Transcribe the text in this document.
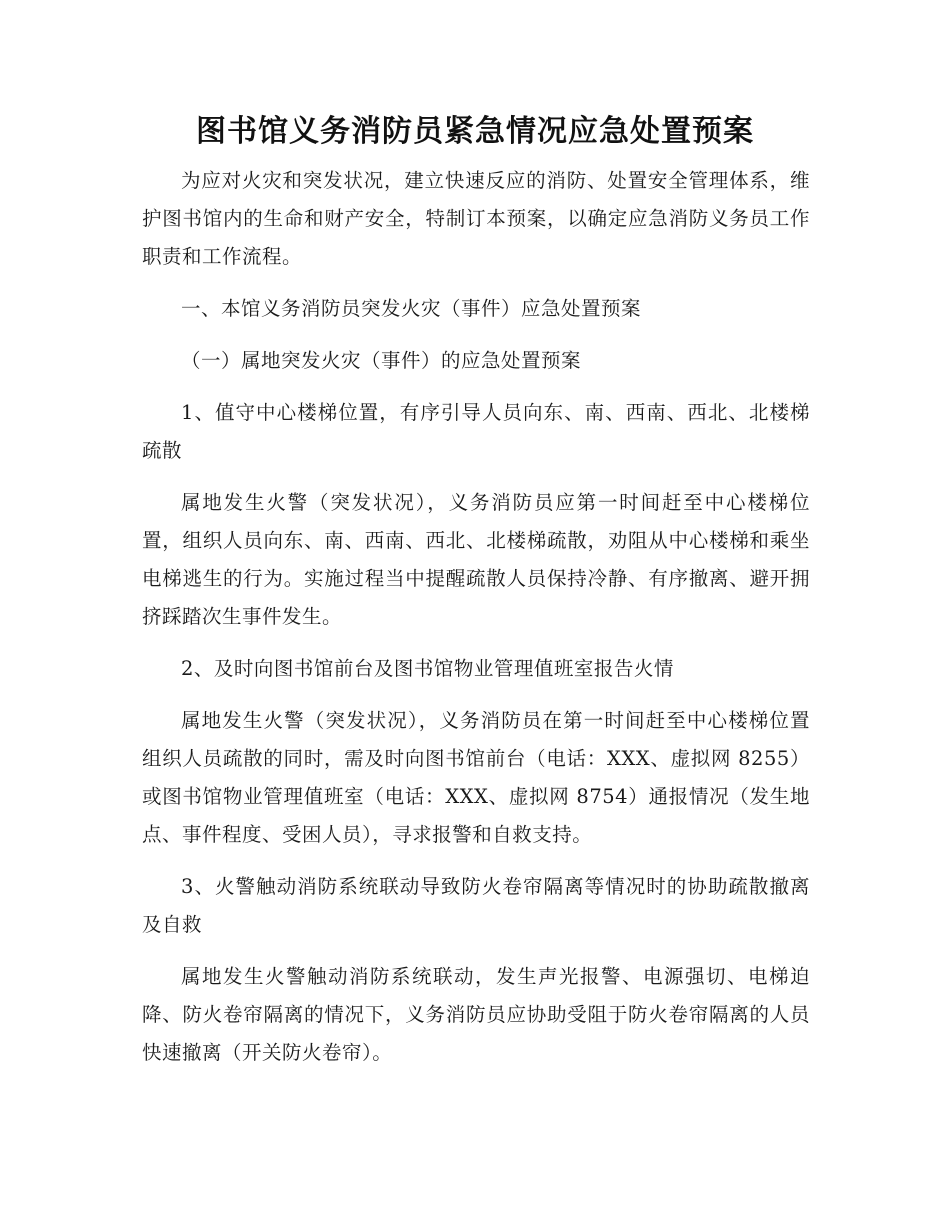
图书馆义务消防员紧急情况应急处置预案

为应对火灾和突发状况，建立快速反应的消防、处置安全管理体系，维护图书馆内的生命和财产安全，特制订本预案，以确定应急消防义务员工作职责和工作流程。

一、本馆义务消防员突发火灾（事件）应急处置预案

（一）属地突发火灾（事件）的应急处置预案

1、值守中心楼梯位置，有序引导人员向东、南、西南、西北、北楼梯疏散

属地发生火警（突发状况），义务消防员应第一时间赶至中心楼梯位置，组织人员向东、南、西南、西北、北楼梯疏散，劝阻从中心楼梯和乘坐电梯逃生的行为。实施过程当中提醒疏散人员保持冷静、有序撤离、避开拥挤踩踏次生事件发生。

2、及时向图书馆前台及图书馆物业管理值班室报告火情

属地发生火警（突发状况），义务消防员在第一时间赶至中心楼梯位置组织人员疏散的同时，需及时向图书馆前台（电话：XXX、虚拟网 8255）或图书馆物业管理值班室（电话：XXX、虚拟网 8754）通报情况（发生地点、事件程度、受困人员），寻求报警和自救支持。

3、火警触动消防系统联动导致防火卷帘隔离等情况时的协助疏散撤离及自救

属地发生火警触动消防系统联动，发生声光报警、电源强切、电梯迫降、防火卷帘隔离的情况下，义务消防员应协助受阻于防火卷帘隔离的人员快速撤离（开关防火卷帘）。
